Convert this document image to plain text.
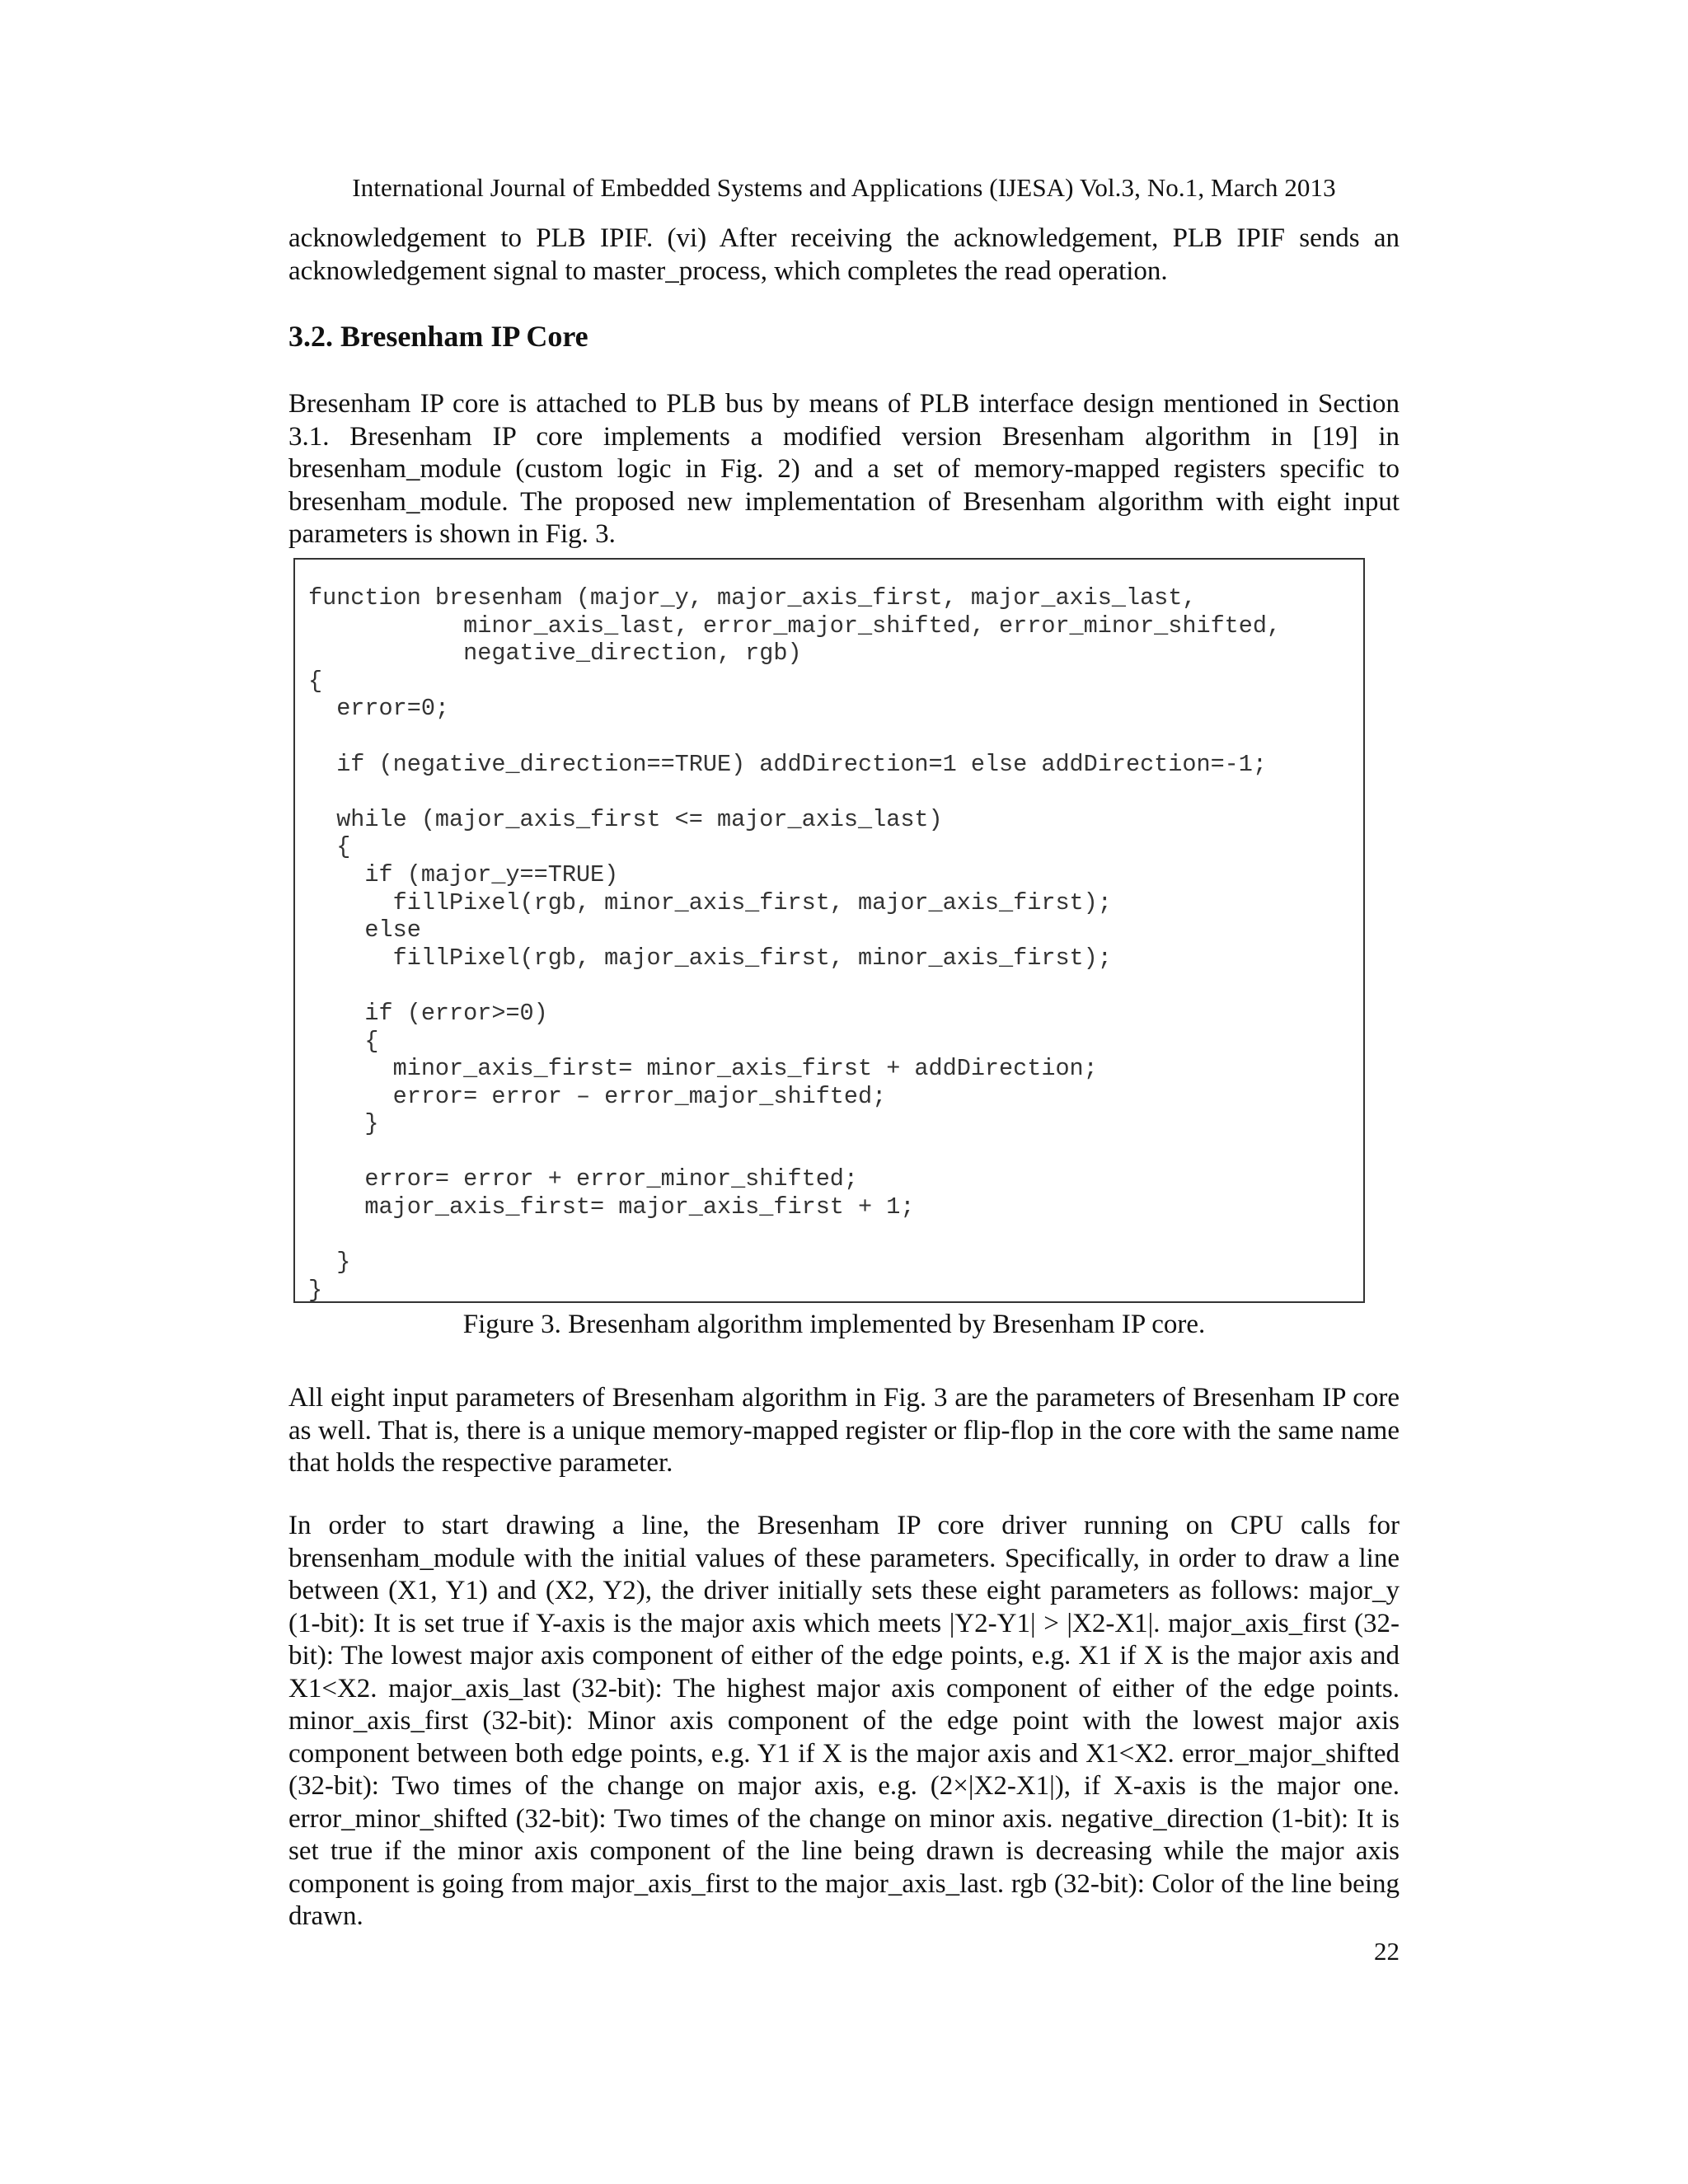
International Journal of Embedded Systems and Applications (IJESA) Vol.3, No.1, March 2013
acknowledgement to PLB IPIF. (vi) After receiving the acknowledgement, PLB IPIF sends an acknowledgement signal to master_process, which completes the read operation.
3.2. Bresenham IP Core
Bresenham IP core is attached to PLB bus by means of PLB interface design mentioned in Section 3.1. Bresenham IP core implements a modified version Bresenham algorithm in [19] in bresenham_module (custom logic in Fig. 2) and a set of memory-mapped registers specific to bresenham_module. The proposed new implementation of Bresenham algorithm with eight input parameters is shown in Fig. 3.
function bresenham (major_y, major_axis_first, major_axis_last,
minor_axis_last, error_major_shifted, error_minor_shifted,
negative_direction, rgb)
{
error=0;

if (negative_direction==TRUE) addDirection=1 else addDirection=-1;

while (major_axis_first <= major_axis_last)
{
if (major_y==TRUE)
fillPixel(rgb, minor_axis_first, major_axis_first);
else
fillPixel(rgb, major_axis_first, minor_axis_first);

if (error>=0)
{
minor_axis_first= minor_axis_first + addDirection;
error= error – error_major_shifted;
}

error= error + error_minor_shifted;
major_axis_first= major_axis_first + 1;

}
}
Figure 3. Bresenham algorithm implemented by Bresenham IP core.
All eight input parameters of Bresenham algorithm in Fig. 3 are the parameters of Bresenham IP core as well. That is, there is a unique memory-mapped register or flip-flop in the core with the same name that holds the respective parameter.
In order to start drawing a line, the Bresenham IP core driver running on CPU calls for brensenham_module with the initial values of these parameters. Specifically, in order to draw a line between (X1, Y1) and (X2, Y2), the driver initially sets these eight parameters as follows: major_y (1-bit): It is set true if Y-axis is the major axis which meets |Y2-Y1| > |X2-X1|. major_axis_first (32-bit): The lowest major axis component of either of the edge points, e.g. X1 if X is the major axis and X1<X2. major_axis_last (32-bit): The highest major axis component of either of the edge points. minor_axis_first (32-bit): Minor axis component of the edge point with the lowest major axis component between both edge points, e.g. Y1 if X is the major axis and X1<X2. error_major_shifted (32-bit): Two times of the change on major axis, e.g. (2×|X2-X1|), if X-axis is the major one. error_minor_shifted (32-bit): Two times of the change on minor axis. negative_direction (1-bit): It is set true if the minor axis component of the line being drawn is decreasing while the major axis component is going from major_axis_first to the major_axis_last. rgb (32-bit): Color of the line being drawn.
22
